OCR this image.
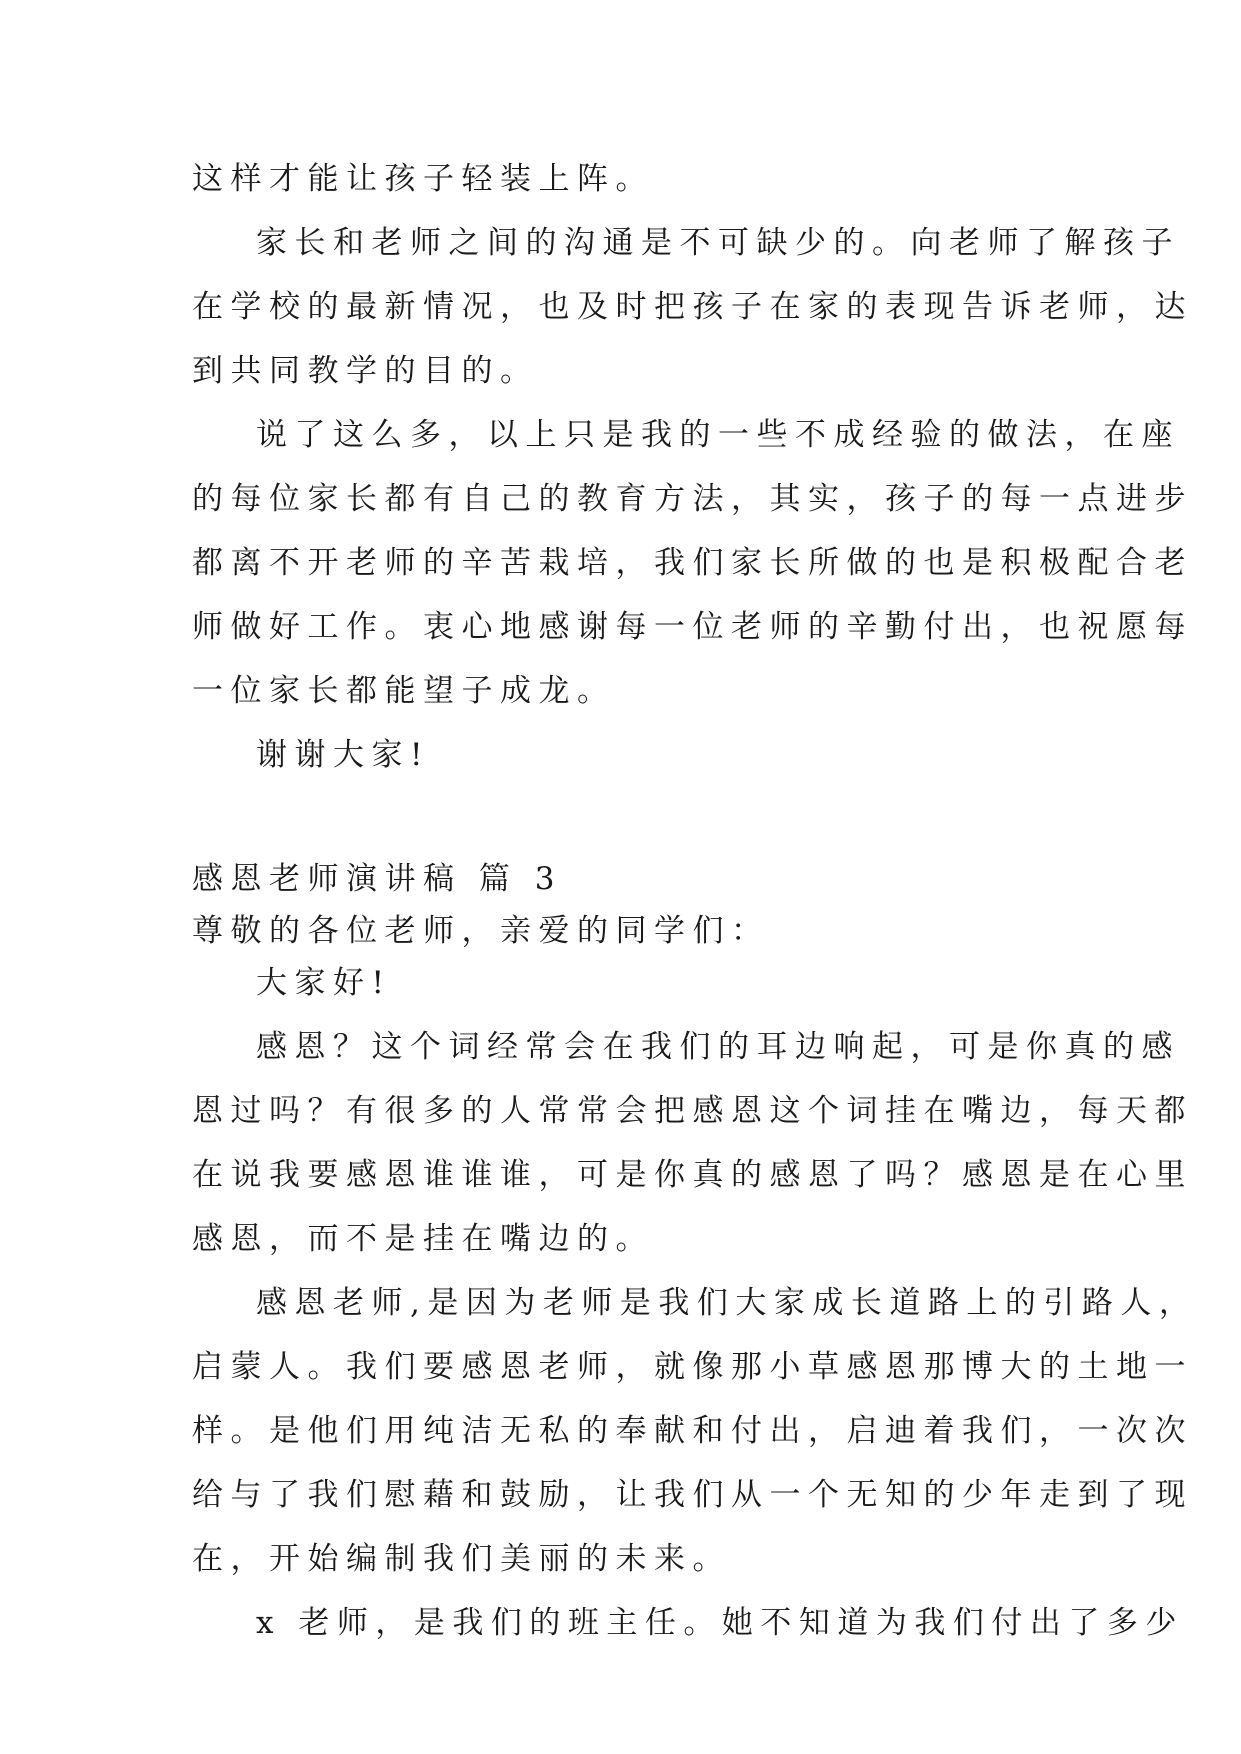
这样才能让孩子轻装上阵。

家长和老师之间的沟通是不可缺少的。向老师了解孩子

在学校的最新情况，也及时把孩子在家的表现告诉老师，达

到共同教学的目的。

说了这么多，以上只是我的一些不成经验的做法，在座

的每位家长都有自己的教育方法，其实，孩子的每一点进步

都离不开老师的辛苦栽培，我们家长所做的也是积极配合老

师做好工作。衷心地感谢每一位老师的辛勤付出，也祝愿每

一位家长都能望子成龙。

谢谢大家!

感恩老师演讲稿 篇 3

尊敬的各位老师，亲爱的同学们：

大家好!

感恩？这个词经常会在我们的耳边响起，可是你真的感

恩过吗？有很多的人常常会把感恩这个词挂在嘴边，每天都

在说我要感恩谁谁谁，可是你真的感恩了吗？感恩是在心里

感恩，而不是挂在嘴边的。

感恩老师,是因为老师是我们大家成长道路上的引路人，

启蒙人。我们要感恩老师，就像那小草感恩那博大的土地一

样。是他们用纯洁无私的奉献和付出，启迪着我们，一次次

给与了我们慰藉和鼓励，让我们从一个无知的少年走到了现

在，开始编制我们美丽的未来。

x 老师，是我们的班主任。她不知道为我们付出了多少
